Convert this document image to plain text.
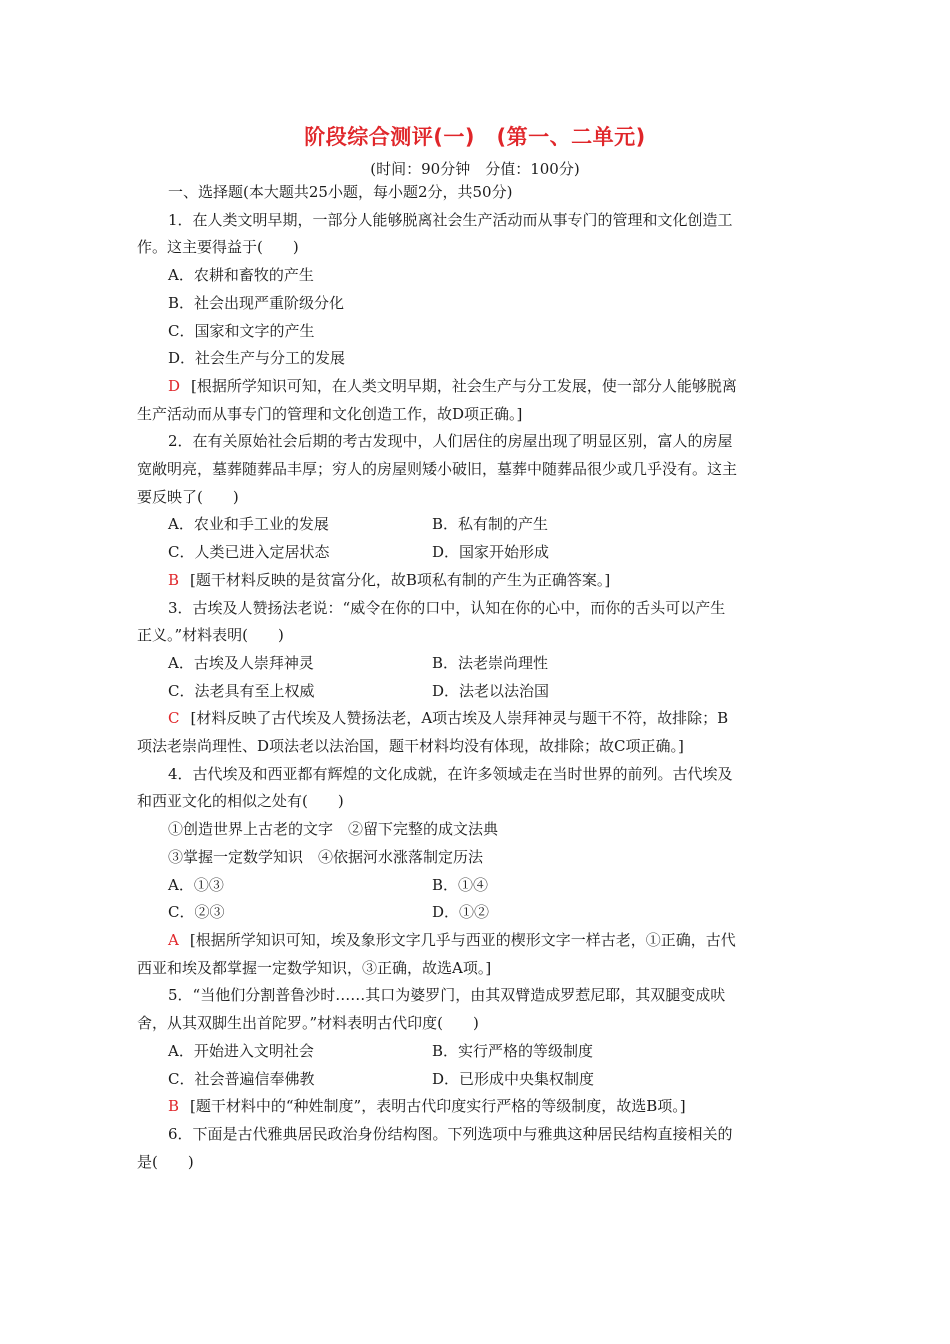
阶段综合测评(一)　(第一、二单元)
(时间：90分钟　分值：100分)

一、选择题(本大题共25小题，每小题2分，共50分)

1．在人类文明早期，一部分人能够脱离社会生产活动而从事专门的管理和文化创造工

作。这主要得益于(　　)

A．农耕和畜牧的产生

B．社会出现严重阶级分化

C．国家和文字的产生

D．社会生产与分工的发展

D [根据所学知识可知，在人类文明早期，社会生产与分工发展，使一部分人能够脱离

生产活动而从事专门的管理和文化创造工作，故D项正确。]

2．在有关原始社会后期的考古发现中，人们居住的房屋出现了明显区别，富人的房屋

宽敞明亮，墓葬随葬品丰厚；穷人的房屋则矮小破旧，墓葬中随葬品很少或几乎没有。这主

要反映了(　　)

A．农业和手工业的发展	B．私有制的产生
C．人类已进入定居状态	D．国家开始形成

B [题干材料反映的是贫富分化，故B项私有制的产生为正确答案。]

3．古埃及人赞扬法老说：“威令在你的口中，认知在你的心中，而你的舌头可以产生

正义。”材料表明(　　)

A．古埃及人崇拜神灵	B．法老崇尚理性
C．法老具有至上权威	D．法老以法治国

C [材料反映了古代埃及人赞扬法老，A项古埃及人崇拜神灵与题干不符，故排除；B

项法老崇尚理性、D项法老以法治国，题干材料均没有体现，故排除；故C项正确。]

4．古代埃及和西亚都有辉煌的文化成就，在许多领域走在当时世界的前列。古代埃及

和西亚文化的相似之处有(　　)

①创造世界上古老的文字　②留下完整的成文法典

③掌握一定数学知识　④依据河水涨落制定历法

A．①③	B．①④
C．②③	D．①②

A [根据所学知识可知，埃及象形文字几乎与西亚的楔形文字一样古老，①正确，古代

西亚和埃及都掌握一定数学知识，③正确，故选A项。]

5．“当他们分割普鲁沙时……其口为婆罗门，由其双臂造成罗惹尼耶，其双腿变成吠

舍，从其双脚生出首陀罗。”材料表明古代印度(　　)

A．开始进入文明社会	B．实行严格的等级制度
C．社会普遍信奉佛教	D．已形成中央集权制度

B [题干材料中的“种姓制度”，表明古代印度实行严格的等级制度，故选B项。]

6．下面是古代雅典居民政治身份结构图。下列选项中与雅典这种居民结构直接相关的

是(　　)
